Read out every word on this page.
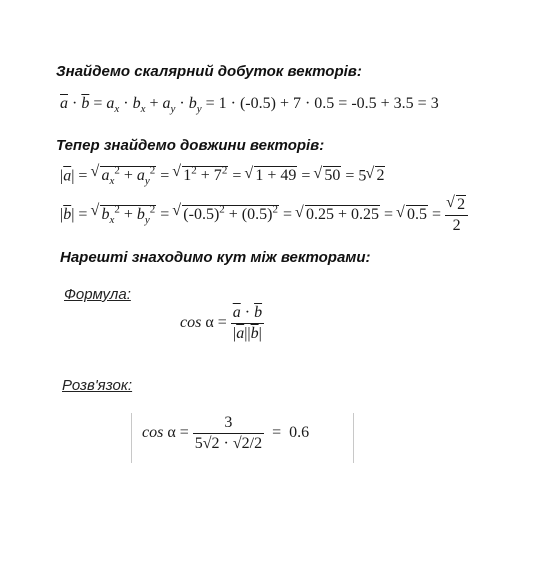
Знайдемо скалярний добуток векторів:
$\overline{a} \cdot \overline{b} = a_x \cdot b_x + a_y \cdot b_y = 1 \cdot (-0.5) + 7 \cdot 0.5 = -0.5 + 3.5 = 3$
Тепер знайдемо довжини векторів:
$|\overline{a}|$ = √ $a_x^2 + a_y^2$ = √ $1^2 + 7^2$ = √ 1 + 49 = √ 50 = 5 √ 2
$|\overline{b}|$ = √ $b_x^2 + b_y^2$ = √ $(-0.5)^2 + (0.5)^2$ = √ 0.25 + 0.25 = √ 0.5 = √ $\frac{2}{2}$
Нарешті знаходимо кут між векторами:
Формула:
$\cos \alpha = \frac{\overline{a} \cdot \overline{b}}{|\overline{a}||\overline{b}|}$
Розв'язок:
$\cos \alpha = \frac{3}{5√2 \cdot √2/2} = 0.6$
